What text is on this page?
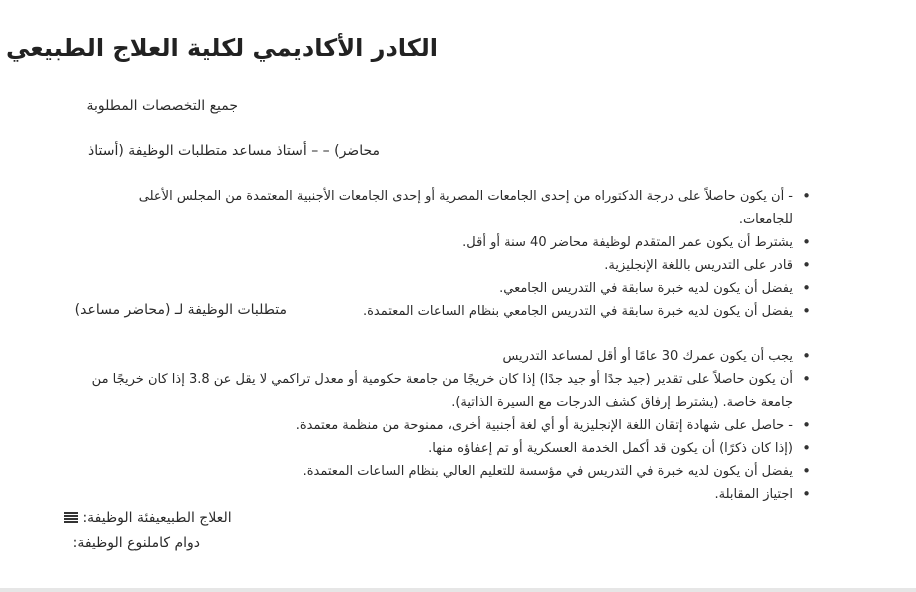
الكادر الأكاديمي لكلية العلاج الطبيعي
جميع التخصصات المطلوبة
محاضر) – – أستاذ مساعد متطلبات الوظيفة (أستاذ
• - أن يكون حاصلاً على درجة الدكتوراه من إحدى الجامعات المصرية أو إحدى الجامعات الأجنبية المعتمدة من المجلس الأعلى للجامعات.
• يشترط أن يكون عمر المتقدم لوظيفة محاضر 40 سنة أو أقل.
• قادر على التدريس باللغة الإنجليزية.
• يفضل أن يكون لديه خبرة سابقة في التدريس الجامعي.
• يفضل أن يكون لديه خبرة سابقة في التدريس الجامعي بنظام الساعات المعتمدة.
متطلبات الوظيفة لـ (محاضر مساعد)
• يجب أن يكون عمرك 30 عامًا أو أقل لمساعد التدريس
• أن يكون حاصلاً على تقدير (جيد جدًا أو جيد جدًا) إذا كان خريجًا من جامعة حكومية أو معدل تراكمي لا يقل عن 3.8 إذا كان خريجًا من جامعة خاصة. (يشترط إرفاق كشف الدرجات مع السيرة الذاتية).
• - حاصل على شهادة إتقان اللغة الإنجليزية أو أي لغة أجنبية أخرى، ممنوحة من منظمة معتمدة.
• (إذا كان ذكرًا) أن يكون قد أكمل الخدمة العسكرية أو تم إعفاؤه منها.
• يفضل أن يكون لديه خبرة في التدريس في مؤسسة للتعليم العالي بنظام الساعات المعتمدة.
• اجتياز المقابلة.
العلاج الطبيعيفئة الوظيفة:
دوام كاملنوع الوظيفة:
